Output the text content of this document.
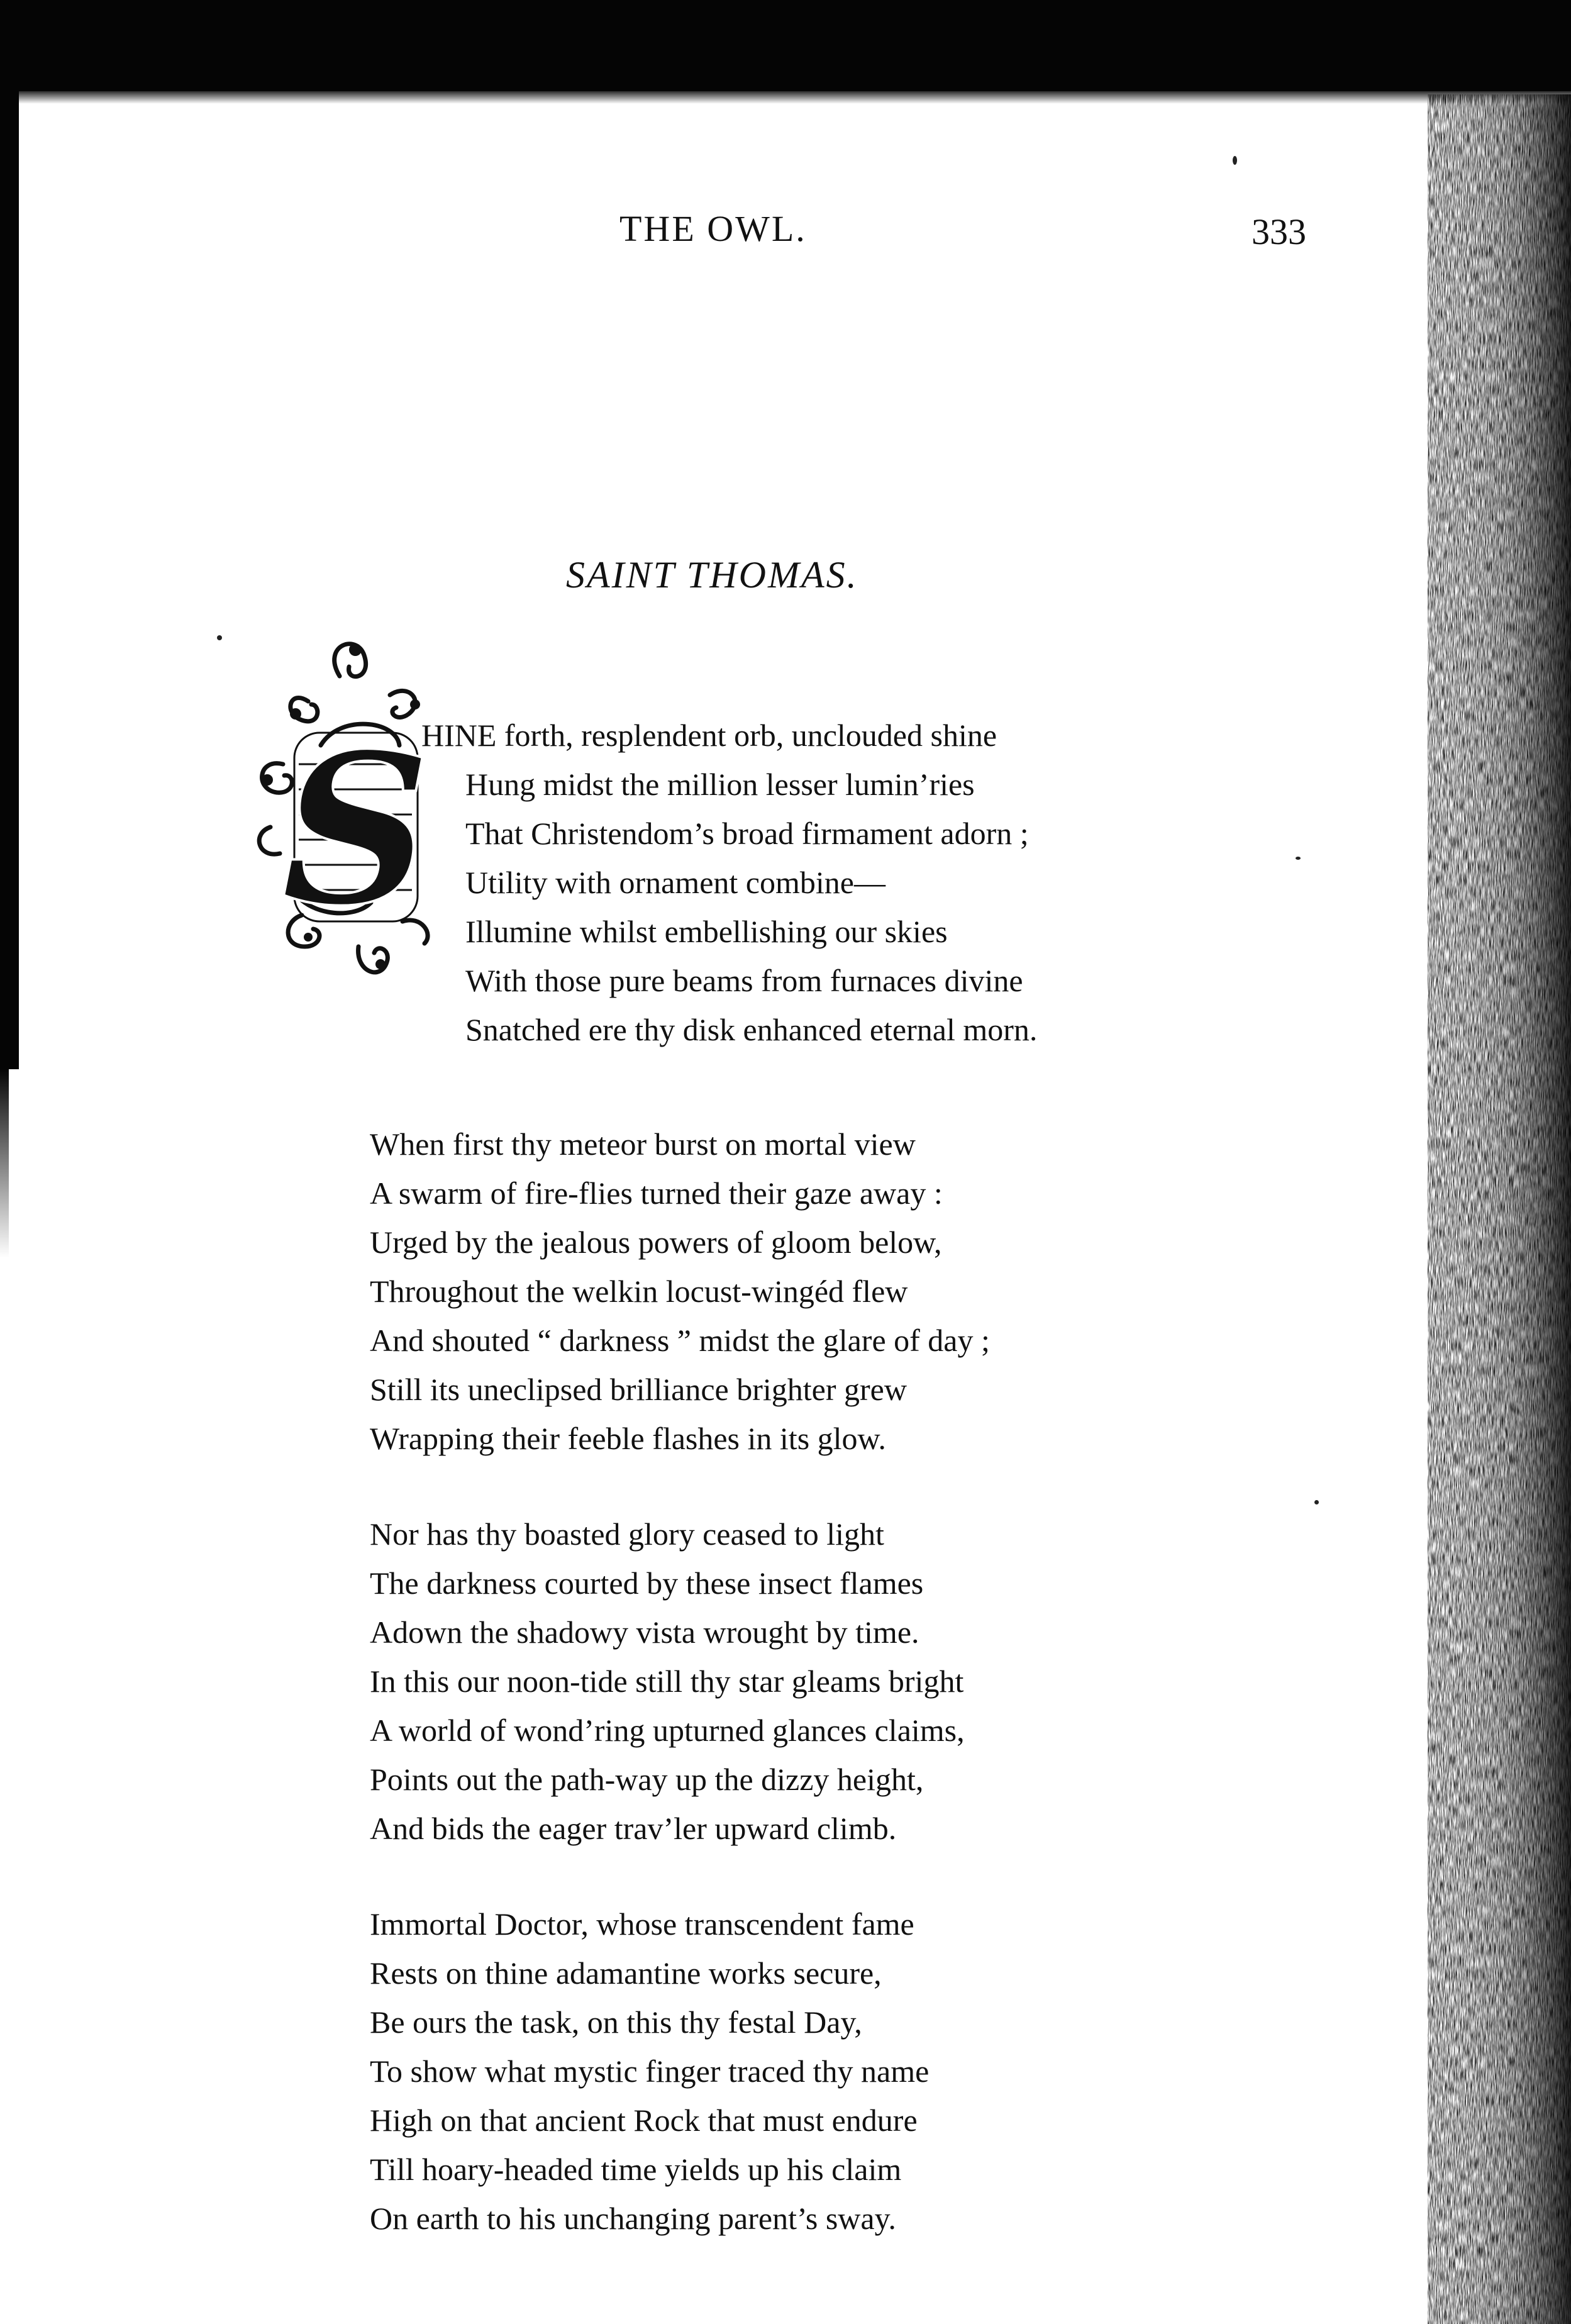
THE OWL.	333
SAINT THOMAS.
S
HINE forth, resplendent orb, unclouded shine
Hung midst the million lesser lumin’ries
That Christendom’s broad firmament adorn ;
Utility with ornament combine—
Illumine whilst embellishing our skies
With those pure beams from furnaces divine
Snatched ere thy disk enhanced eternal morn.
When first thy meteor burst on mortal view
A swarm of fire-flies turned their gaze away :
Urged by the jealous powers of gloom below,
Throughout the welkin locust-wingéd flew
And shouted “ darkness ” midst the glare of day ;
Still its uneclipsed brilliance brighter grew
Wrapping their feeble flashes in its glow.
Nor has thy boasted glory ceased to light
The darkness courted by these insect flames
Adown the shadowy vista wrought by time.
In this our noon-tide still thy star gleams bright
A world of wond’ring upturned glances claims,
Points out the path-way up the dizzy height,
And bids the eager trav’ler upward climb.
Immortal Doctor, whose transcendent fame
Rests on thine adamantine works secure,
Be ours the task, on this thy festal Day,
To show what mystic finger traced thy name
High on that ancient Rock that must endure
Till hoary-headed time yields up his claim
On earth to his unchanging parent’s sway.
